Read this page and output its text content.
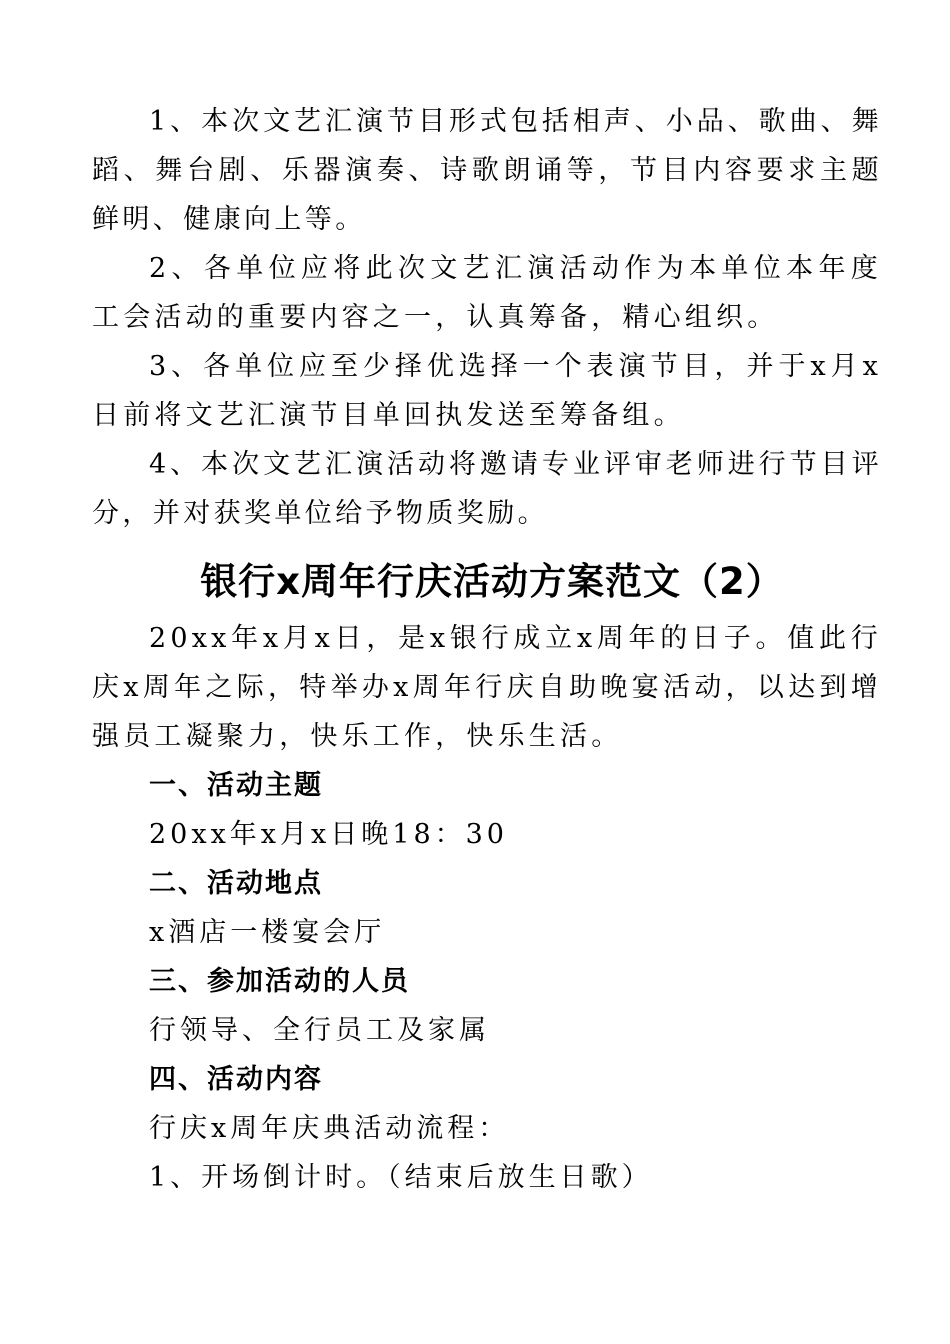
1、本次文艺汇演节目形式包括相声、小品、歌曲、舞蹈、舞台剧、乐器演奏、诗歌朗诵等，节目内容要求主题鲜明、健康向上等。

2、各单位应将此次文艺汇演活动作为本单位本年度工会活动的重要内容之一，认真筹备，精心组织。

3、各单位应至少择优选择一个表演节目，并于x月x日前将文艺汇演节目单回执发送至筹备组。

4、本次文艺汇演活动将邀请专业评审老师进行节目评分，并对获奖单位给予物质奖励。

银行x周年行庆活动方案范文（2）

20xx年x月x日，是x银行成立x周年的日子。值此行庆x周年之际，特举办x周年行庆自助晚宴活动，以达到增强员工凝聚力，快乐工作，快乐生活。

一、活动主题

20xx年x月x日晚18：30

二、活动地点

x酒店一楼宴会厅

三、参加活动的人员

行领导、全行员工及家属

四、活动内容

行庆x周年庆典活动流程：

1、开场倒计时。（结束后放生日歌）
